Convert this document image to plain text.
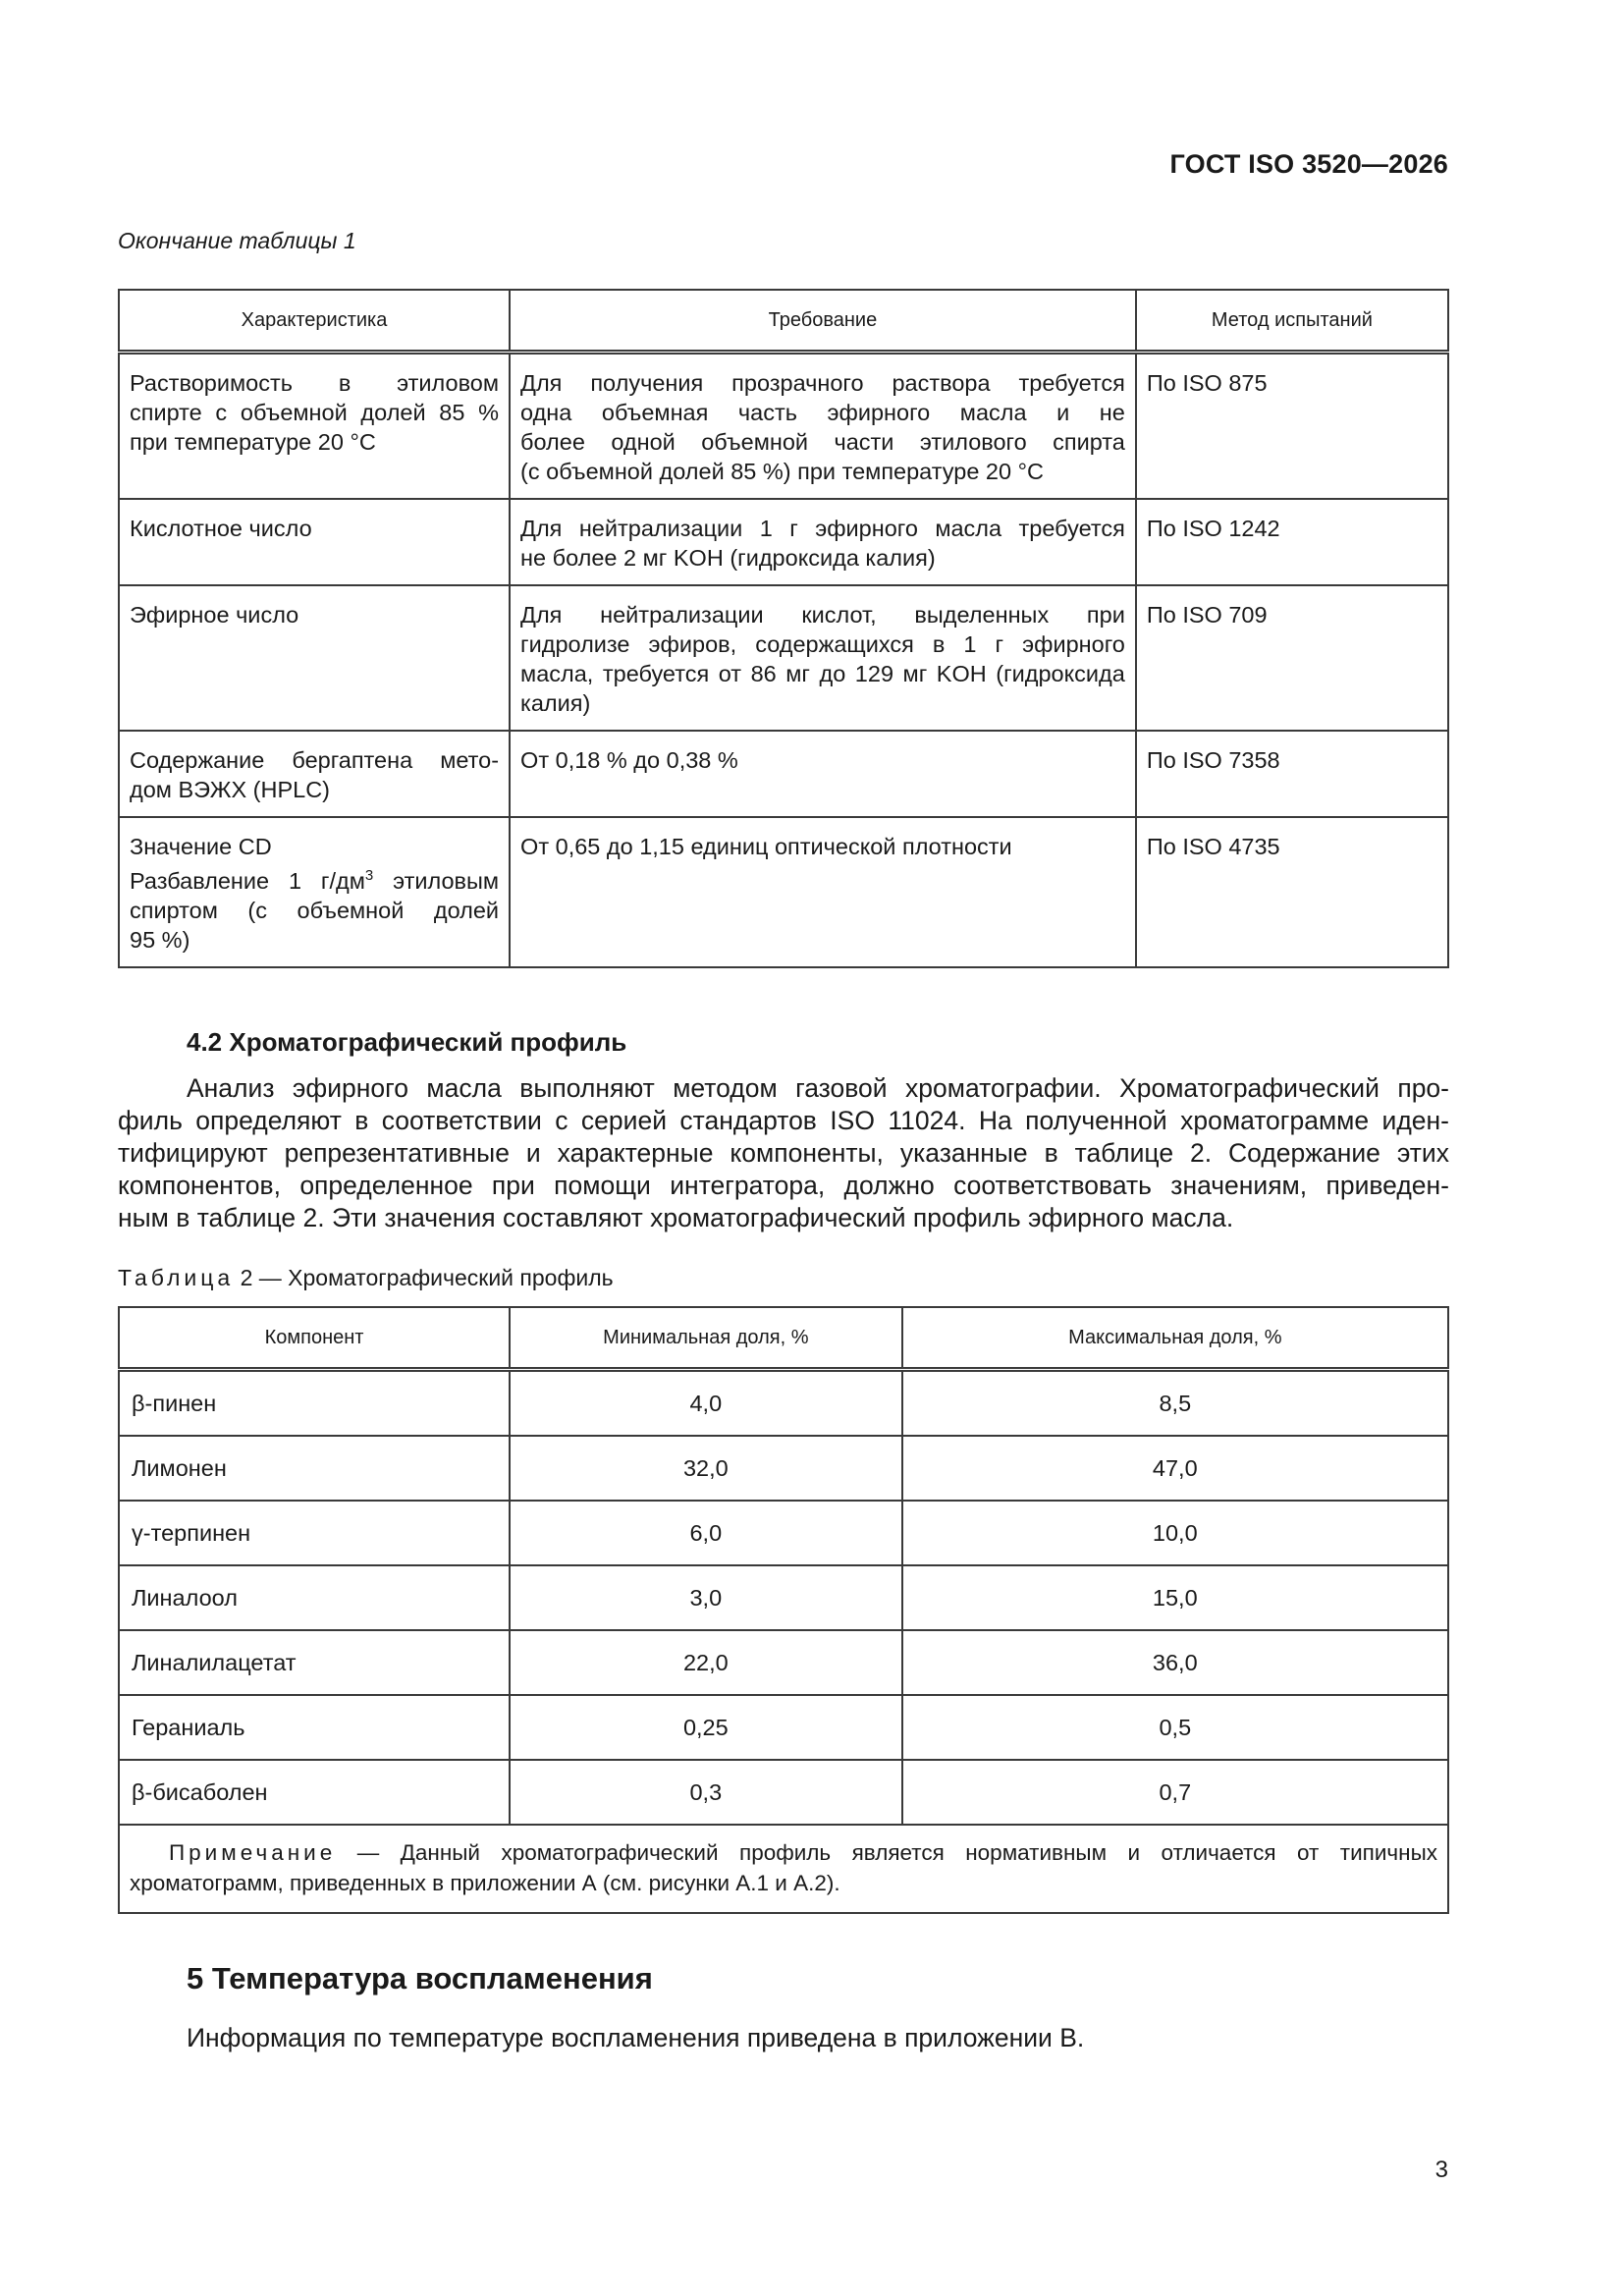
ГОСТ ISO 3520—2026
Окончание таблицы 1
Характеристика	Требование	Метод испытаний

Растворимость в этиловом
спирте с объемной долей 85 %
при температуре 20 °C	Для получения прозрачного раствора требуется
одна объемная часть эфирного масла и не
более одной объемной части этилового спирта
(с объемной долей 85 %) при температуре 20 °C	По ISO 875

Кислотное число	Для нейтрализации 1 г эфирного масла требуется
не более 2 мг KOH (гидроксида калия)	По ISO 1242

Эфирное число	Для нейтрализации кислот, выделенных при
гидролизе эфиров, содержащихся в 1 г эфирного
масла, требуется от 86 мг до 129 мг KOH (гидроксида
калия)	По ISO 709

Содержание бергаптена мето-
дом ВЭЖХ (HPLC)	От 0,18 % до 0,38 %	По ISO 7358

Значение CD
Разбавление 1 $г/дм^3$ этиловым
спиртом (с объемной долей
95 %)	От 0,65 до 1,15 единиц оптической плотности	По ISO 4735
4.2 Хроматографический профиль
Анализ эфирного масла выполняют методом газовой хроматографии. Хроматографический про-
филь определяют в соответствии с серией стандартов ISO 11024. На полученной хроматограмме иден-
тифицируют репрезентативные и характерные компоненты, указанные в таблице 2. Содержание этих
компонентов, определенное при помощи интегратора, должно соответствовать значениям, приведен-
ным в таблице 2. Эти значения составляют хроматографический профиль эфирного масла.
Таблица 2 — Хроматографический профиль
Компонент	Минимальная доля, %	Максимальная доля, %
β-пинен	4,0	8,5
Лимонен	32,0	47,0
γ-терпинен	6,0	10,0
Линалоол	3,0	15,0
Линалилацетат	22,0	36,0
Гераниаль	0,25	0,5
β-бисаболен	0,3	0,7

Примечание — Данный хроматографический профиль является нормативным и отличается от типичных
хроматограмм, приведенных в приложении А (см. рисунки А.1 и А.2).		
5 Температура воспламенения
Информация по температуре воспламенения приведена в приложении В.
3
